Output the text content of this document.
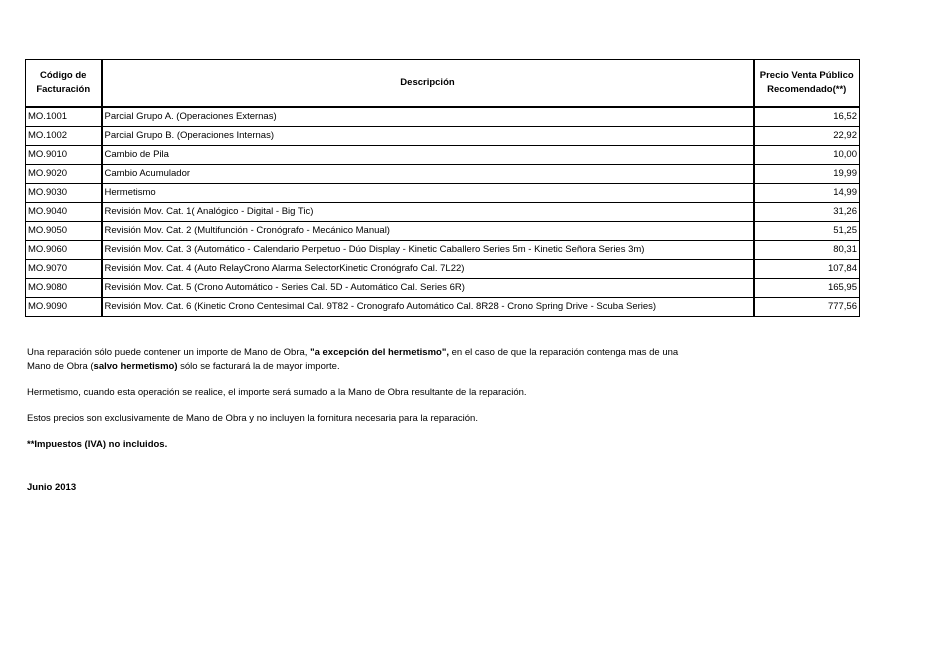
Código de Facturación	Descripción	Precio Venta Público Recomendado(**)
MO.1001	Parcial Grupo A. (Operaciones Externas)	16,52
MO.1002	Parcial Grupo B. (Operaciones Internas)	22,92
MO.9010	Cambio de Pila	10,00
MO.9020	Cambio Acumulador	19,99
MO.9030	Hermetismo	14,99
MO.9040	Revisión Mov. Cat. 1( Analógico - Digital - Big Tic)	31,26
MO.9050	Revisión Mov. Cat. 2 (Multifunción - Cronógrafo - Mecánico Manual)	51,25
MO.9060	Revisión Mov. Cat. 3 (Automático - Calendario Perpetuo - Dúo Display - Kinetic Caballero Series 5m - Kinetic Señora Series 3m)	80,31
MO.9070	Revisión Mov. Cat. 4 (Auto RelayCrono Alarma SelectorKinetic Cronógrafo Cal. 7L22)	107,84
MO.9080	Revisión Mov. Cat. 5 (Crono Automático - Series Cal. 5D - Automático Cal. Series 6R)	165,95
MO.9090	Revisión Mov. Cat. 6 (Kinetic Crono Centesimal Cal. 9T82 - Cronografo Automático Cal. 8R28 - Crono Spring Drive - Scuba Series)	777,56

Una reparación sólo puede contener un importe de Mano de Obra, "a excepción del hermetismo", en el caso de que la reparación contenga mas de una
Mano de Obra (salvo hermetismo) sólo se facturará la de mayor importe.

Hermetismo, cuando esta operación se realice, el importe será sumado a la Mano de Obra resultante de la reparación.

Estos precios son exclusivamente de Mano de Obra y no incluyen la fornitura necesaria para la reparación.

**Impuestos (IVA) no incluidos.

Junio 2013
